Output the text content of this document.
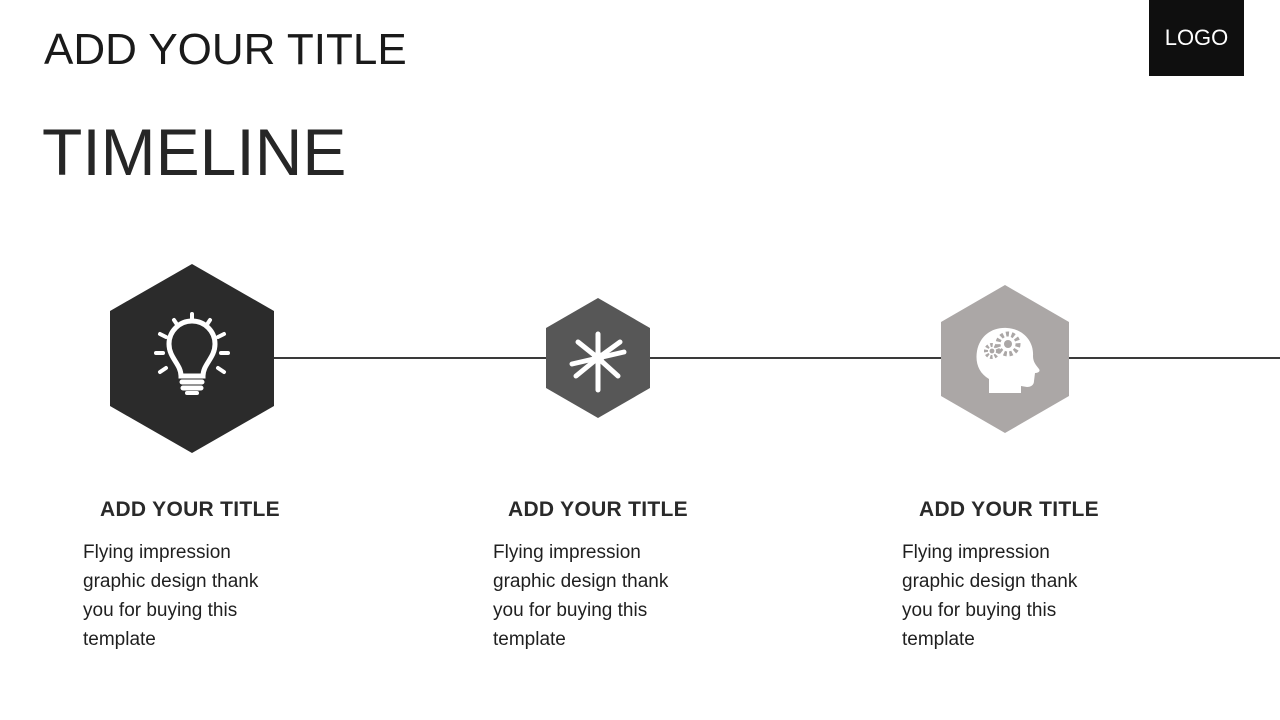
ADD YOUR TITLE
TIMELINE
LOGO
ADD YOUR TITLE	ADD YOUR TITLE	ADD YOUR TITLE
Flying impression graphic design thank you for buying this template
Flying impression graphic design thank you for buying this template
Flying impression graphic design thank you for buying this template
